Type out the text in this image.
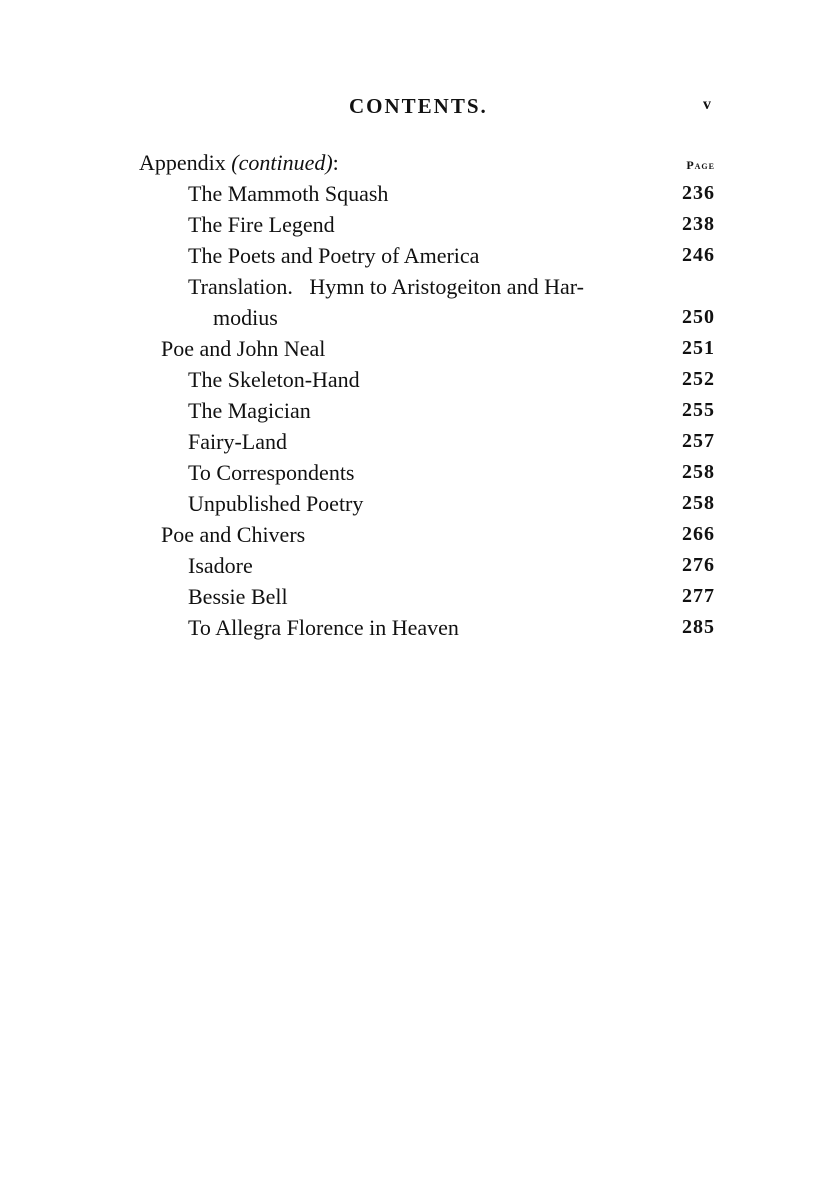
CONTENTS.	v
Appendix (continued):	Page
The Mammoth Squash	236
The Fire Legend	238
The Poets and Poetry of America	246
Translation.   Hymn to Aristogeiton and Har-
modius	250
Poe and John Neal	251
The Skeleton-Hand	252
The Magician	255
Fairy-Land	257
To Correspondents	258
Unpublished Poetry	258
Poe and Chivers	266
Isadore	276
Bessie Bell	277
To Allegra Florence in Heaven	285
